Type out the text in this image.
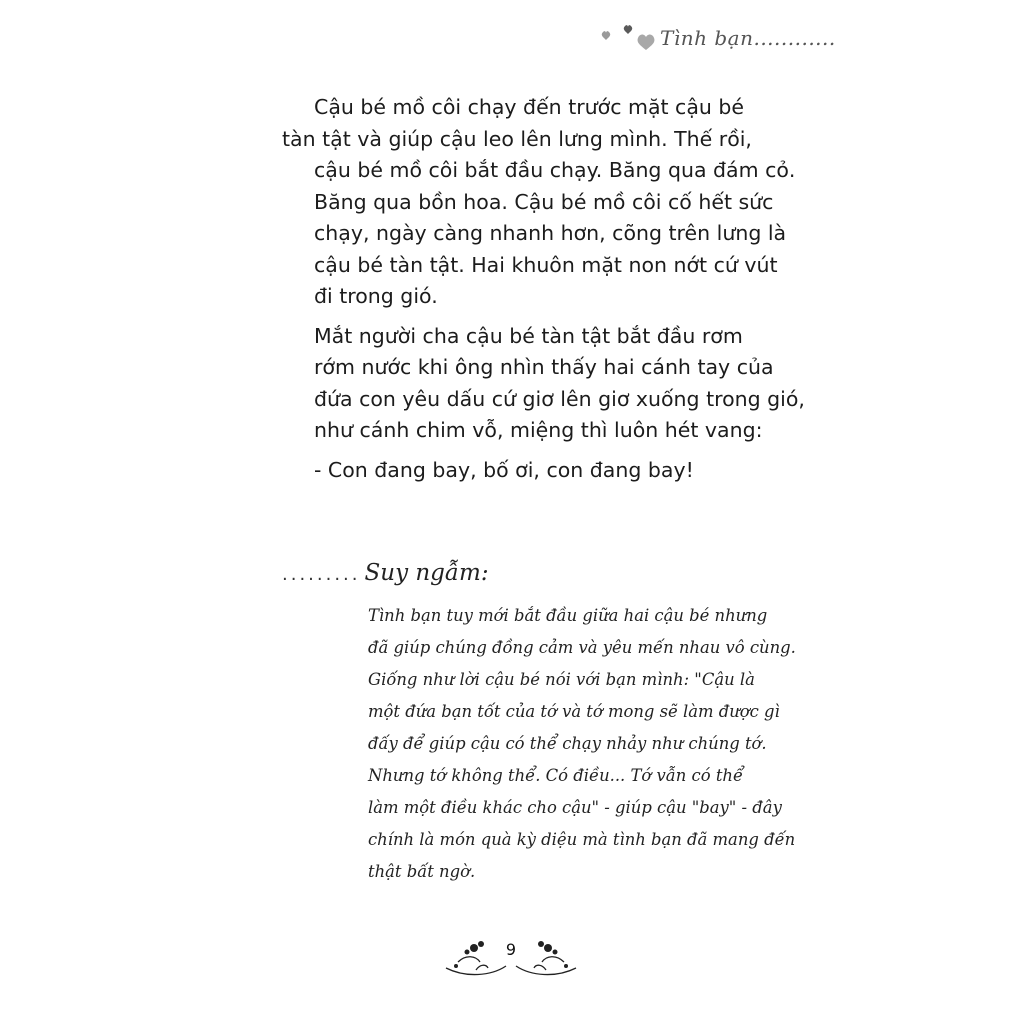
Tình bạn............

Cậu bé mồ côi chạy đến trước mặt cậu bé
tàn tật và giúp cậu leo lên lưng mình. Thế rồi,
cậu bé mồ côi bắt đầu chạy. Băng qua đám cỏ.
Băng qua bồn hoa. Cậu bé mồ côi cố hết sức
chạy, ngày càng nhanh hơn, cõng trên lưng là
cậu bé tàn tật. Hai khuôn mặt non nớt cứ vút
đi trong gió.

Mắt người cha cậu bé tàn tật bắt đầu rơm
rớm nước khi ông nhìn thấy hai cánh tay của
đứa con yêu dấu cứ giơ lên giơ xuống trong gió,
như cánh chim vỗ, miệng thì luôn hét vang:

- Con đang bay, bố ơi, con đang bay!

......... Suy ngẫm:
Tình bạn tuy mới bắt đầu giữa hai cậu bé nhưng
đã giúp chúng đồng cảm và yêu mến nhau vô cùng.
Giống như lời cậu bé nói với bạn mình: "Cậu là
một đứa bạn tốt của tớ và tớ mong sẽ làm được gì
đấy để giúp cậu có thể chạy nhảy như chúng tớ.
Nhưng tớ không thể. Có điều... Tớ vẫn có thể
làm một điều khác cho cậu" - giúp cậu "bay" - đây
chính là món quà kỳ diệu mà tình bạn đã mang đến
thật bất ngờ.
9
